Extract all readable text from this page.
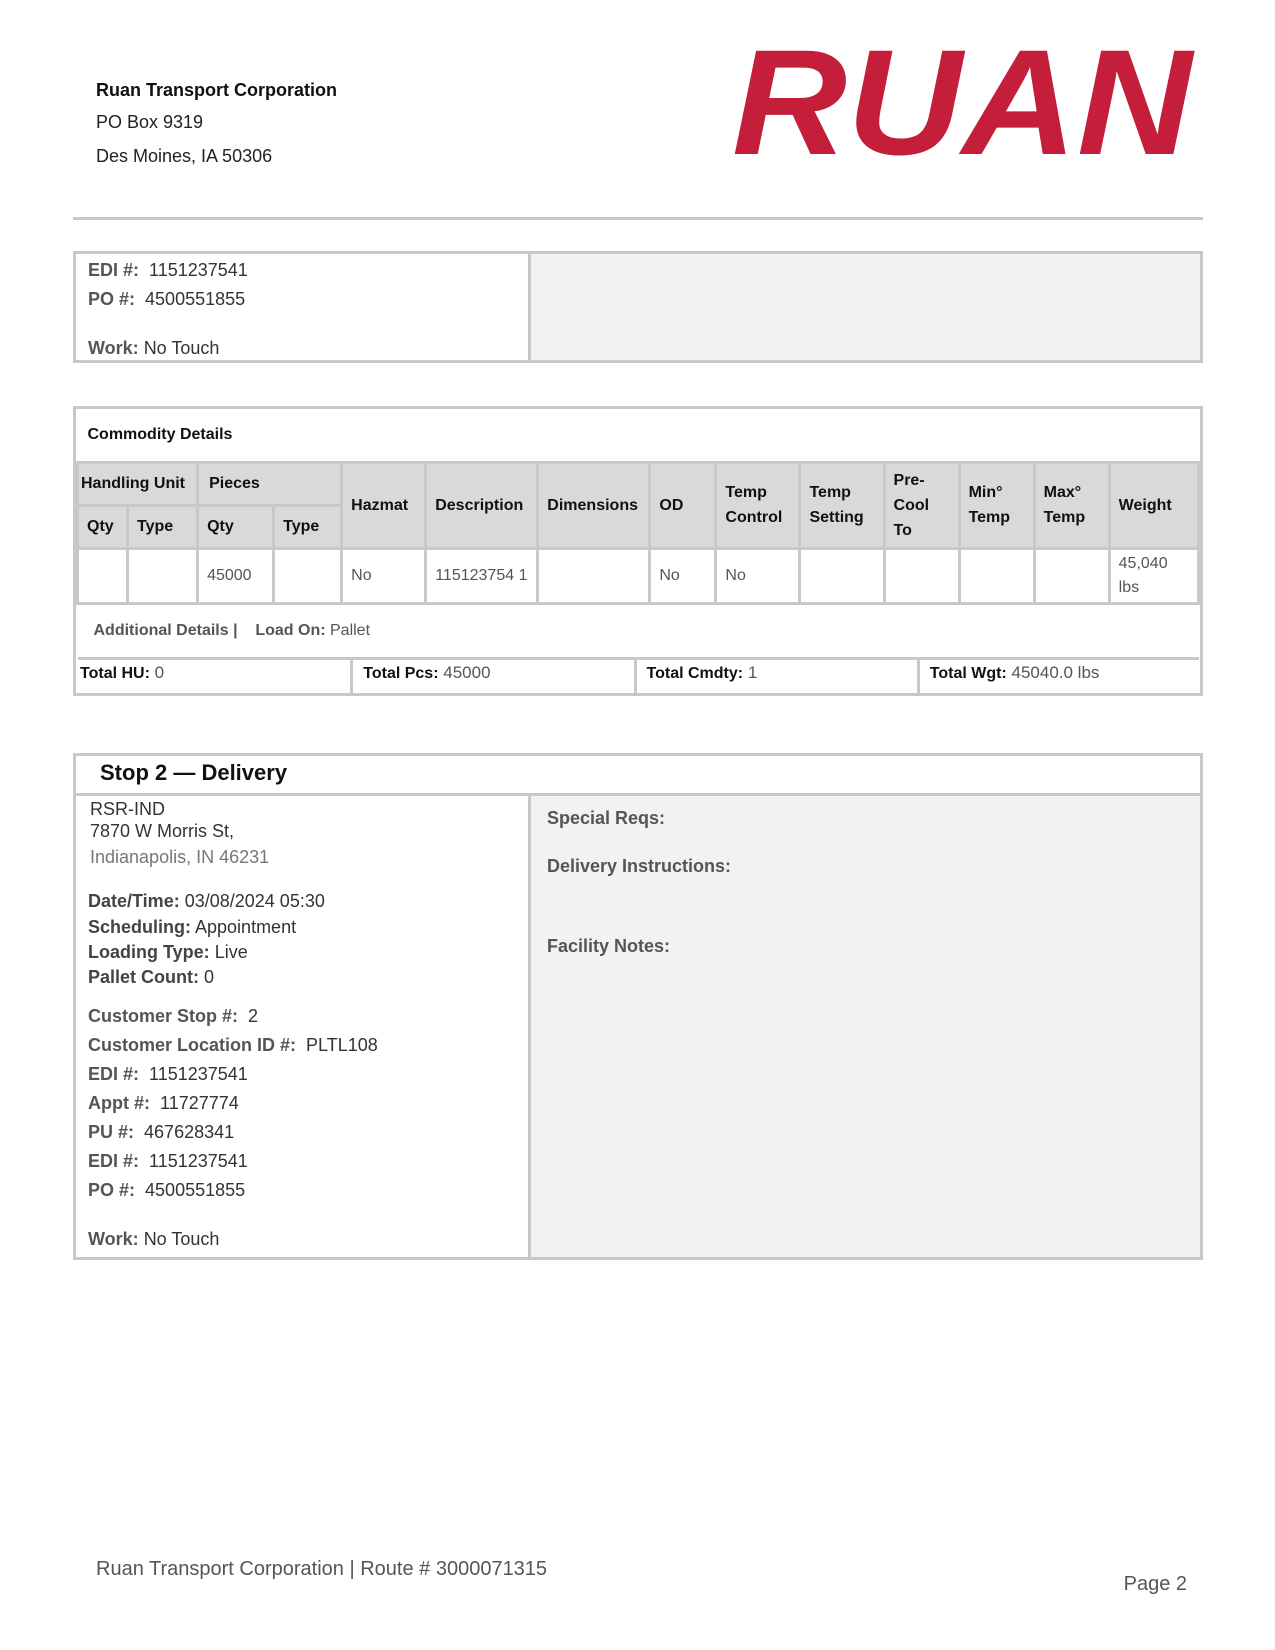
Ruan Transport Corporation
PO Box 9319
Des Moines, IA 50306	RUAN
EDI #: 1151237541
PO #: 4500551855
Work: No Touch
Commodity Details													
Handling Unit		Pieces		Hazmat	Description	Dimensions	OD	Temp Control	Temp Setting	Pre- Cool To	Min° Temp	Max° Temp	Weight
Qty	Type	Qty	Type										
		45000		No	115123754 1		No	No					45,040 lbs
Additional Details | Load On: Pallet													
Total HU: 0	Total Pcs: 45000	Total Cmdty: 1	Total Wgt: 45040.0 lbs
Stop 2 — Delivery
RSR-IND
7870 W Morris St,
Indianapolis, IN 46231
Date/Time: 03/08/2024 05:30
Scheduling: Appointment
Loading Type: Live
Pallet Count: 0
Customer Stop #: 2
Customer Location ID #: PLTL108
EDI #: 1151237541
Appt #: 11727774
PU #: 467628341
EDI #: 1151237541
PO #: 4500551855
Work: No Touch
Special Reqs:
Delivery Instructions:
Facility Notes:
Ruan Transport Corporation | Route # 3000071315
Page 2
